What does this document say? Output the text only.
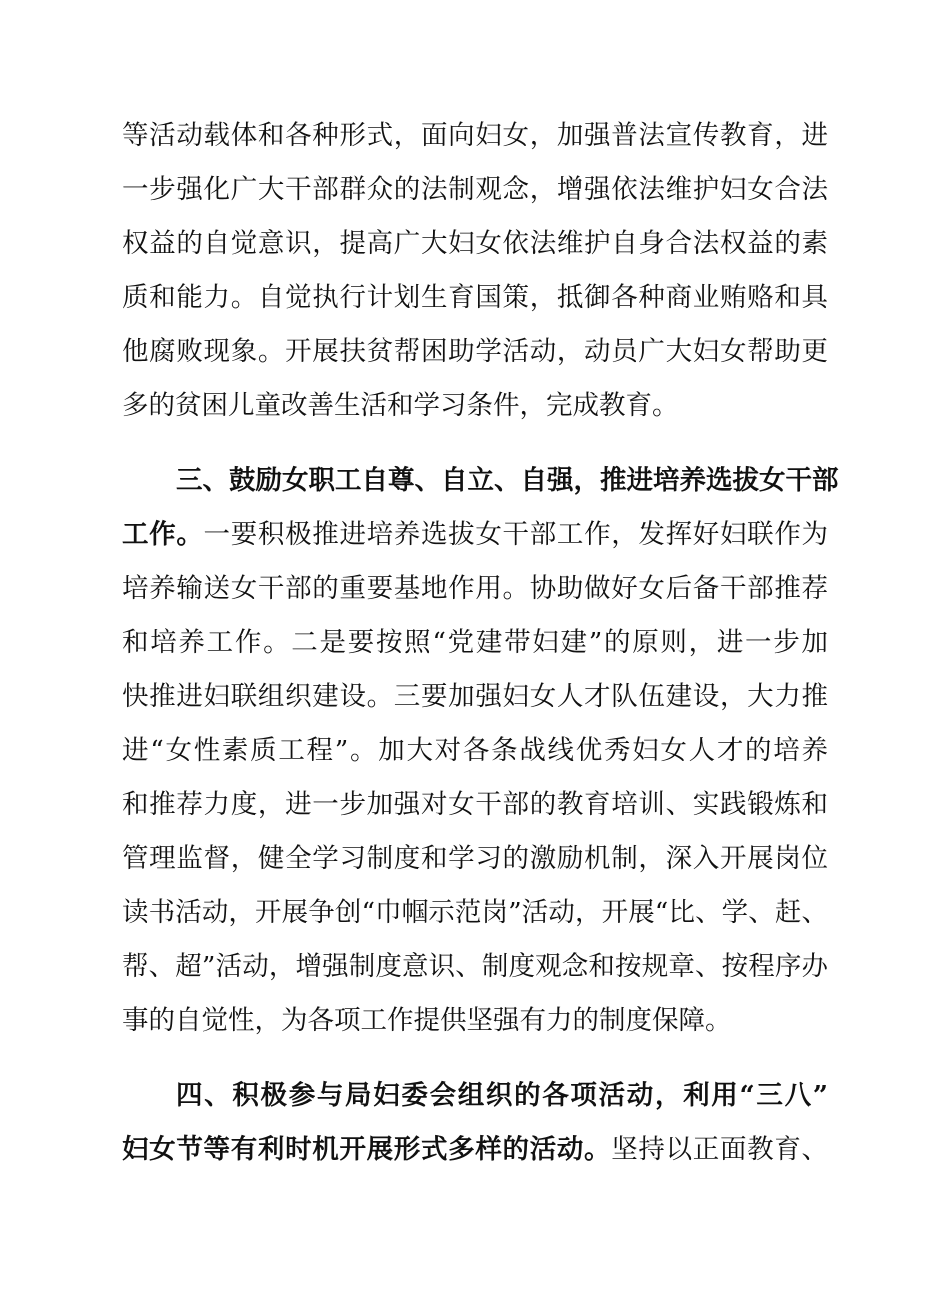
等活动载体和各种形式，面向妇女，加强普法宣传教育，进
一步强化广大干部群众的法制观念，增强依法维护妇女合法
权益的自觉意识，提高广大妇女依法维护自身合法权益的素
质和能力。自觉执行计划生育国策，抵御各种商业贿赂和具
他腐败现象。开展扶贫帮困助学活动，动员广大妇女帮助更
多的贫困儿童改善生活和学习条件，完成教育。
三、鼓励女职工自尊、自立、自强，推进培养选拔女干部
工作。一要积极推进培养选拔女干部工作，发挥好妇联作为
培养输送女干部的重要基地作用。协助做好女后备干部推荐
和培养工作。二是要按照“党建带妇建”的原则，进一步加
快推进妇联组织建设。三要加强妇女人才队伍建设，大力推
进“女性素质工程”。加大对各条战线优秀妇女人才的培养
和推荐力度，进一步加强对女干部的教育培训、实践锻炼和
管理监督，健全学习制度和学习的激励机制，深入开展岗位
读书活动，开展争创“巾帼示范岗”活动，开展“比、学、赶、
帮、超”活动，增强制度意识、制度观念和按规章、按程序办
事的自觉性，为各项工作提供坚强有力的制度保障。
四、积极参与局妇委会组织的各项活动，利用“三八”
妇女节等有利时机开展形式多样的活动。坚持以正面教育、
